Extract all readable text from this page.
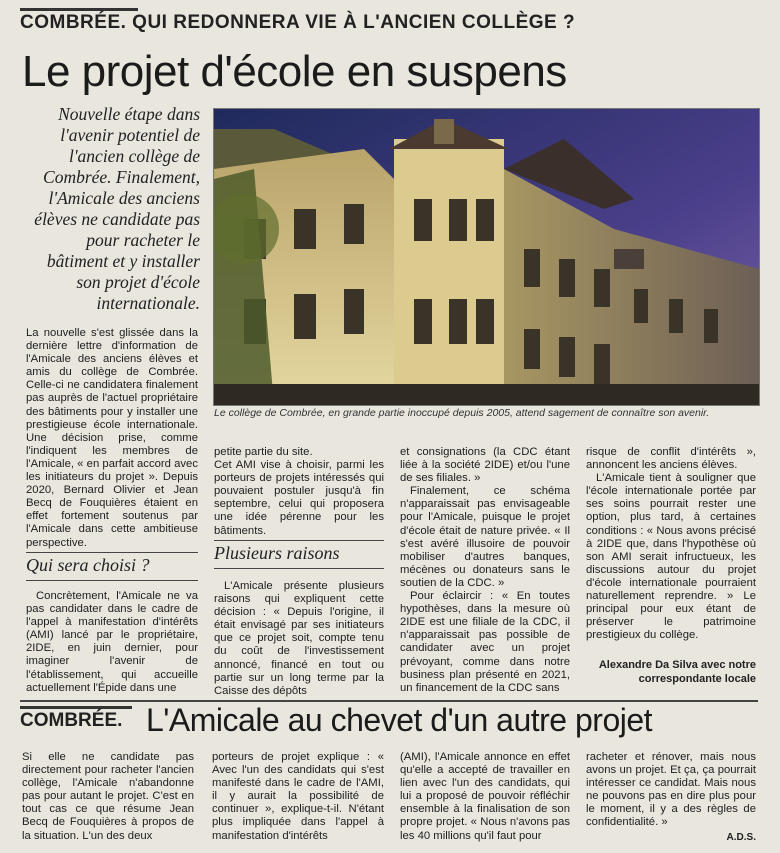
COMBRÉE. QUI REDONNERA VIE À L'ANCIEN COLLÈGE ?
Le projet d'école en suspens
Nouvelle étape dans l'avenir potentiel de l'ancien collège de Combrée. Finalement, l'Amicale des anciens élèves ne candidate pas pour racheter le bâtiment et y installer son projet d'école internationale.
Le collège de Combrée, en grande partie inoccupé depuis 2005, attend sagement de connaître son avenir.

La nouvelle s'est glissée dans la dernière lettre d'information de l'Amicale des anciens élèves et amis du collège de Combrée. Celle-ci ne candidatera finalement pas auprès de l'actuel propriétaire des bâtiments pour y installer une prestigieuse école internationale. Une décision prise, comme l'indiquent les membres de l'Amicale, « en parfait accord avec les initiateurs du projet ». Depuis 2020, Bernard Olivier et Jean Becq de Fouquières étaient en effet fortement soutenus par l'Amicale dans cette ambitieuse perspective.

Qui sera choisi ?

Concrètement, l'Amicale ne va pas candidater dans le cadre de l'appel à manifestation d'intérêts (AMI) lancé par le propriétaire, 2IDE, en juin dernier, pour imaginer l'avenir de l'établissement, qui accueille actuellement l'Épide dans une

petite partie du site.

Cet AMI vise à choisir, parmi les porteurs de projets intéressés qui pouvaient postuler jusqu'à fin septembre, celui qui proposera une idée pérenne pour les bâtiments.

Plusieurs raisons

L'Amicale présente plusieurs raisons qui expliquent cette décision : « Depuis l'origine, il était envisagé par ses initiateurs que ce projet soit, compte tenu du coût de l'investissement annoncé, financé en tout ou partie sur un long terme par la Caisse des dépôts

et consignations (la CDC étant liée à la société 2IDE) et/ou l'une de ses filiales. »

Finalement, ce schéma n'apparaissait pas envisageable pour l'Amicale, puisque le projet d'école était de nature privée. « Il s'est avéré illusoire de pouvoir mobiliser d'autres banques, mécènes ou donateurs sans le soutien de la CDC. »

Pour éclaircir : « En toutes hypothèses, dans la mesure où 2IDE est une filiale de la CDC, il n'apparaissait pas possible de candidater avec un projet prévoyant, comme dans notre business plan présenté en 2021, un financement de la CDC sans

risque de conflit d'intérêts », annoncent les anciens élèves.

L'Amicale tient à souligner que l'école internationale portée par ses soins pourrait rester une option, plus tard, à certaines conditions : « Nous avons précisé à 2IDE que, dans l'hypothèse où son AMI serait infructueux, les discussions autour du projet d'école internationale pourraient naturellement reprendre. » Le principal pour eux étant de préserver le patrimoine prestigieux du collège.

Alexandre Da Silva avec notre correspondante locale
COMBRÉE. L'Amicale au chevet d'un autre projet

Si elle ne candidate pas directement pour racheter l'ancien collège, l'Amicale n'abandonne pas pour autant le projet. C'est en tout cas ce que résume Jean Becq de Fouquières à propos de la situation. L'un des deux

porteurs de projet explique : « Avec l'un des candidats qui s'est manifesté dans le cadre de l'AMI, il y aurait la possibilité de continuer », explique-t-il. N'étant plus impliquée dans l'appel à manifestation d'intérêts

(AMI), l'Amicale annonce en effet qu'elle a accepté de travailler en lien avec l'un des candidats, qui lui a proposé de pouvoir réfléchir ensemble à la finalisation de son propre projet. « Nous n'avons pas les 40 millions qu'il faut pour

racheter et rénover, mais nous avons un projet. Et ça, ça pourrait intéresser ce candidat. Mais nous ne pouvons pas en dire plus pour le moment, il y a des règles de confidentialité. »

A.D.S.
